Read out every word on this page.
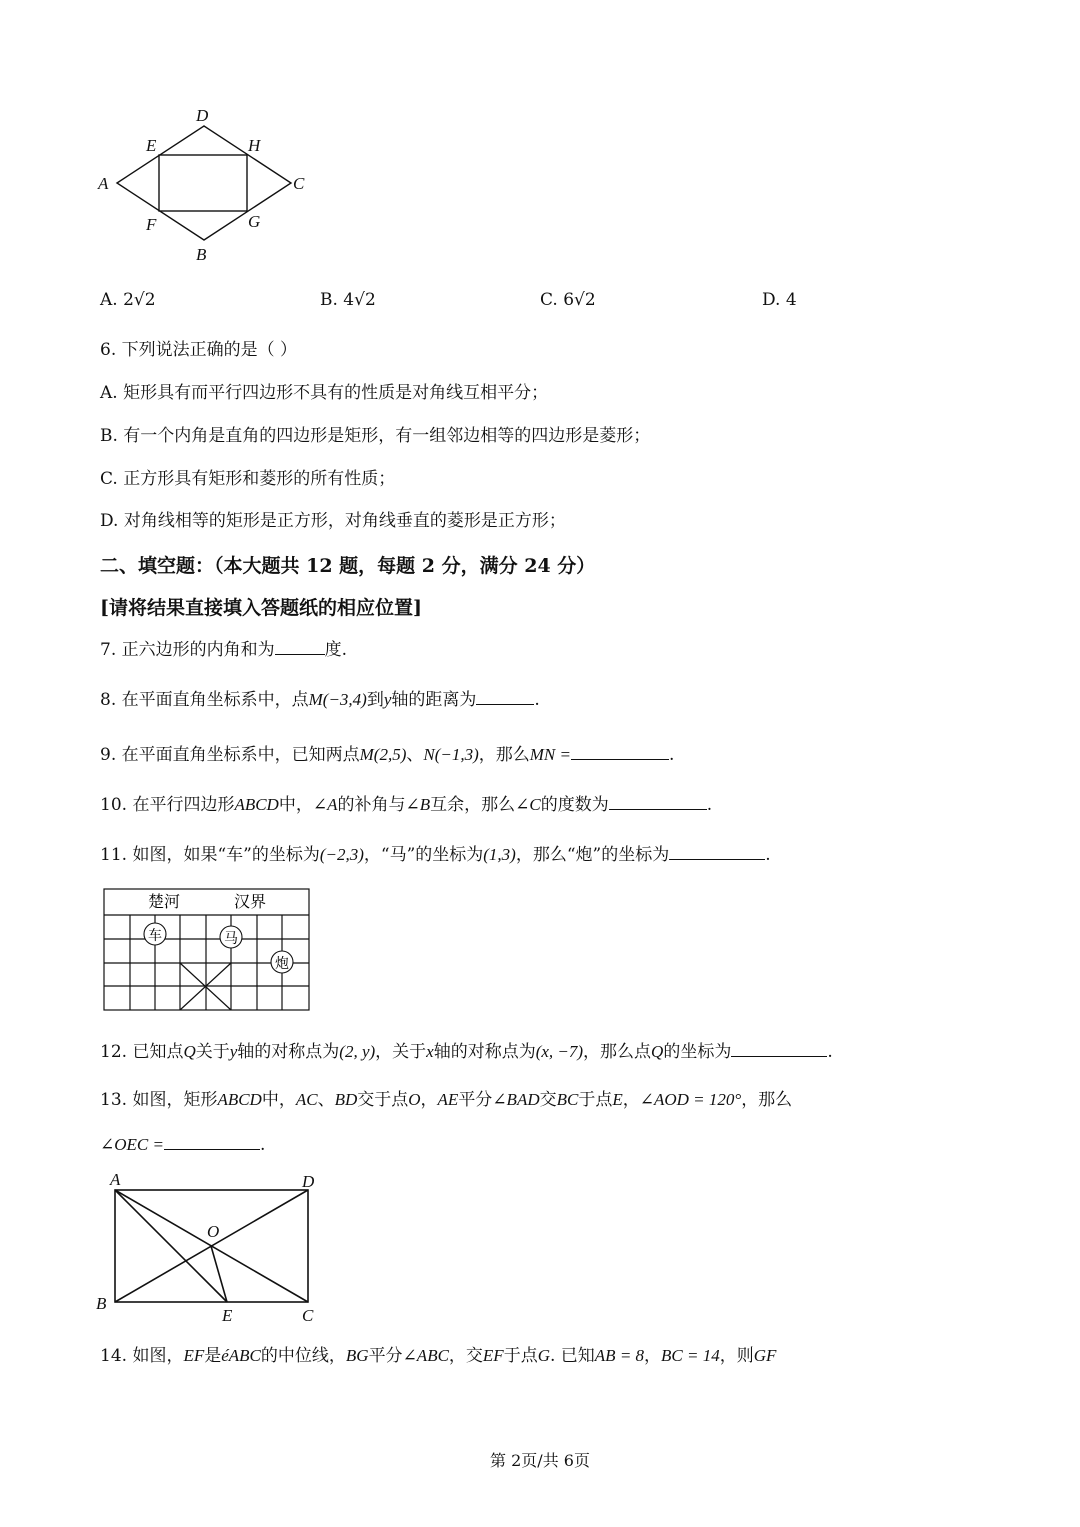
D
E	H
A	C
F	G
B
A. 2√2	B. 4√2	C. 6√2	D. 4
6. 下列说法正确的是（ ）
A. 矩形具有而平行四边形不具有的性质是对角线互相平分；
B. 有一个内角是直角的四边形是矩形，有一组邻边相等的四边形是菱形；
C. 正方形具有矩形和菱形的所有性质；
D. 对角线相等的矩形是正方形，对角线垂直的菱形是正方形；
二、填空题：（本大题共 12 题，每题 2 分，满分 24 分）
[请将结果直接填入答题纸的相应位置]
7. 正六边形的内角和为	度.
8. 在平面直角坐标系中，点M(−3,4)到y轴的距离为	.
9. 在平面直角坐标系中，已知两点M(2,5)、N(−1,3)，那么MN =	.
10. 在平行四边形ABCD中，∠A的补角与∠B互余，那么∠C的度数为	.
11. 如图，如果“车”的坐标为(−2,3)，“马”的坐标为(1,3)，那么“炮”的坐标为	.
楚河	汉界
车	马
炮
12. 已知点Q关于y轴的对称点为(2, y)，关于x轴的对称点为(x, −7)，那么点Q的坐标为	.
13. 如图，矩形ABCD中，AC、BD交于点O，AE平分∠BAD交BC于点E，∠AOD = 120°，那么
∠OEC =	.
A	D
O
B
E	C
14. 如图，EF是éABC的中位线，BG平分∠ABC，交EF于点G. 已知AB = 8，BC = 14，则GF
第 2页/共 6页
